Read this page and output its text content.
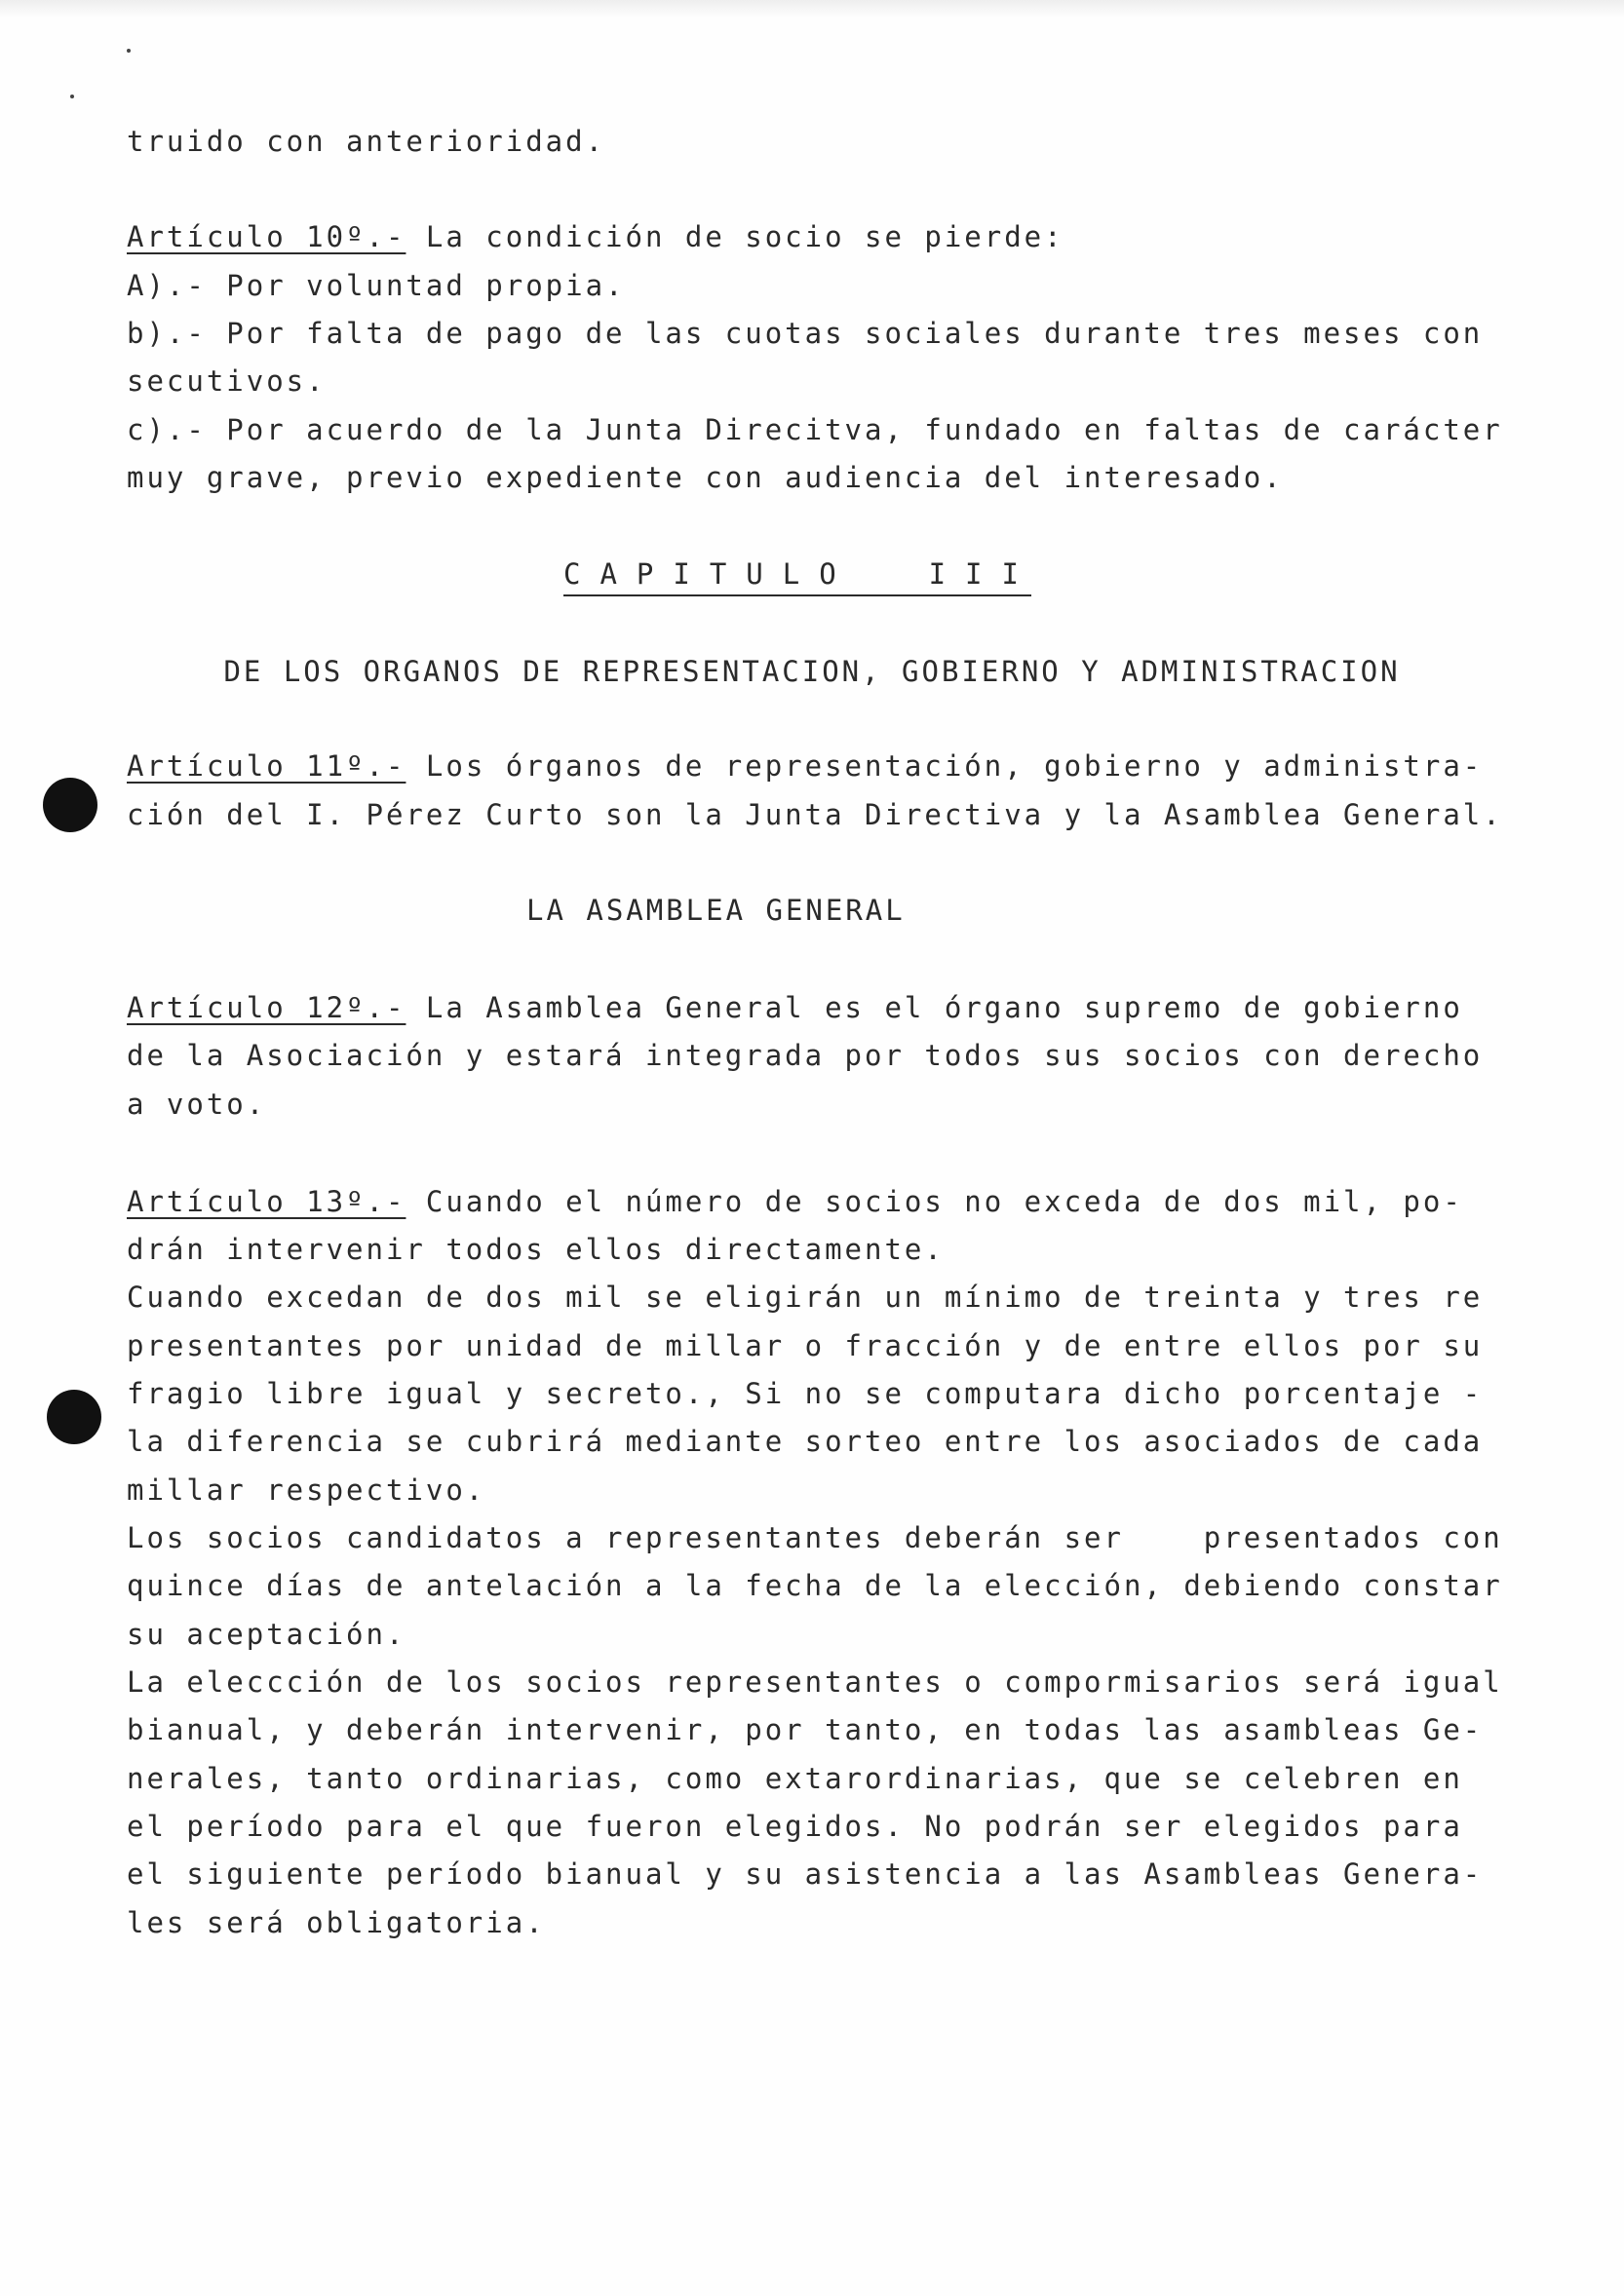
truido con anterioridad.
Artículo 10º.- La condición de socio se pierde:
A).- Por voluntad propia.
b).- Por falta de pago de las cuotas sociales durante tres meses con
secutivos.
c).- Por acuerdo de la Junta Direcitva, fundado en faltas de carácter
muy grave, previo expediente con audiencia del interesado.
CAPITULO  III
DE LOS ORGANOS DE REPRESENTACION, GOBIERNO Y ADMINISTRACION
Artículo 11º.- Los órganos de representación, gobierno y administra-
ción del I. Pérez Curto son la Junta Directiva y la Asamblea General.
LA ASAMBLEA GENERAL
Artículo 12º.- La Asamblea General es el órgano supremo de gobierno
de la Asociación y estará integrada por todos sus socios con derecho
a voto.
Artículo 13º.- Cuando el número de socios no exceda de dos mil, po-
drán intervenir todos ellos directamente.
Cuando excedan de dos mil se eligirán un mínimo de treinta y tres re
presentantes por unidad de millar o fracción y de entre ellos por su
fragio libre igual y secreto., Si no se computara dicho porcentaje -
la diferencia se cubrirá mediante sorteo entre los asociados de cada
millar respectivo.
Los socios candidatos a representantes deberán ser    presentados con
quince días de antelación a la fecha de la elección, debiendo constar
su aceptación.
La eleccción de los socios representantes o compormisarios será igual
bianual, y deberán intervenir, por tanto, en todas las asambleas Ge-
nerales, tanto ordinarias, como extarordinarias, que se celebren en
el período para el que fueron elegidos. No podrán ser elegidos para
el siguiente período bianual y su asistencia a las Asambleas Genera-
les será obligatoria.
